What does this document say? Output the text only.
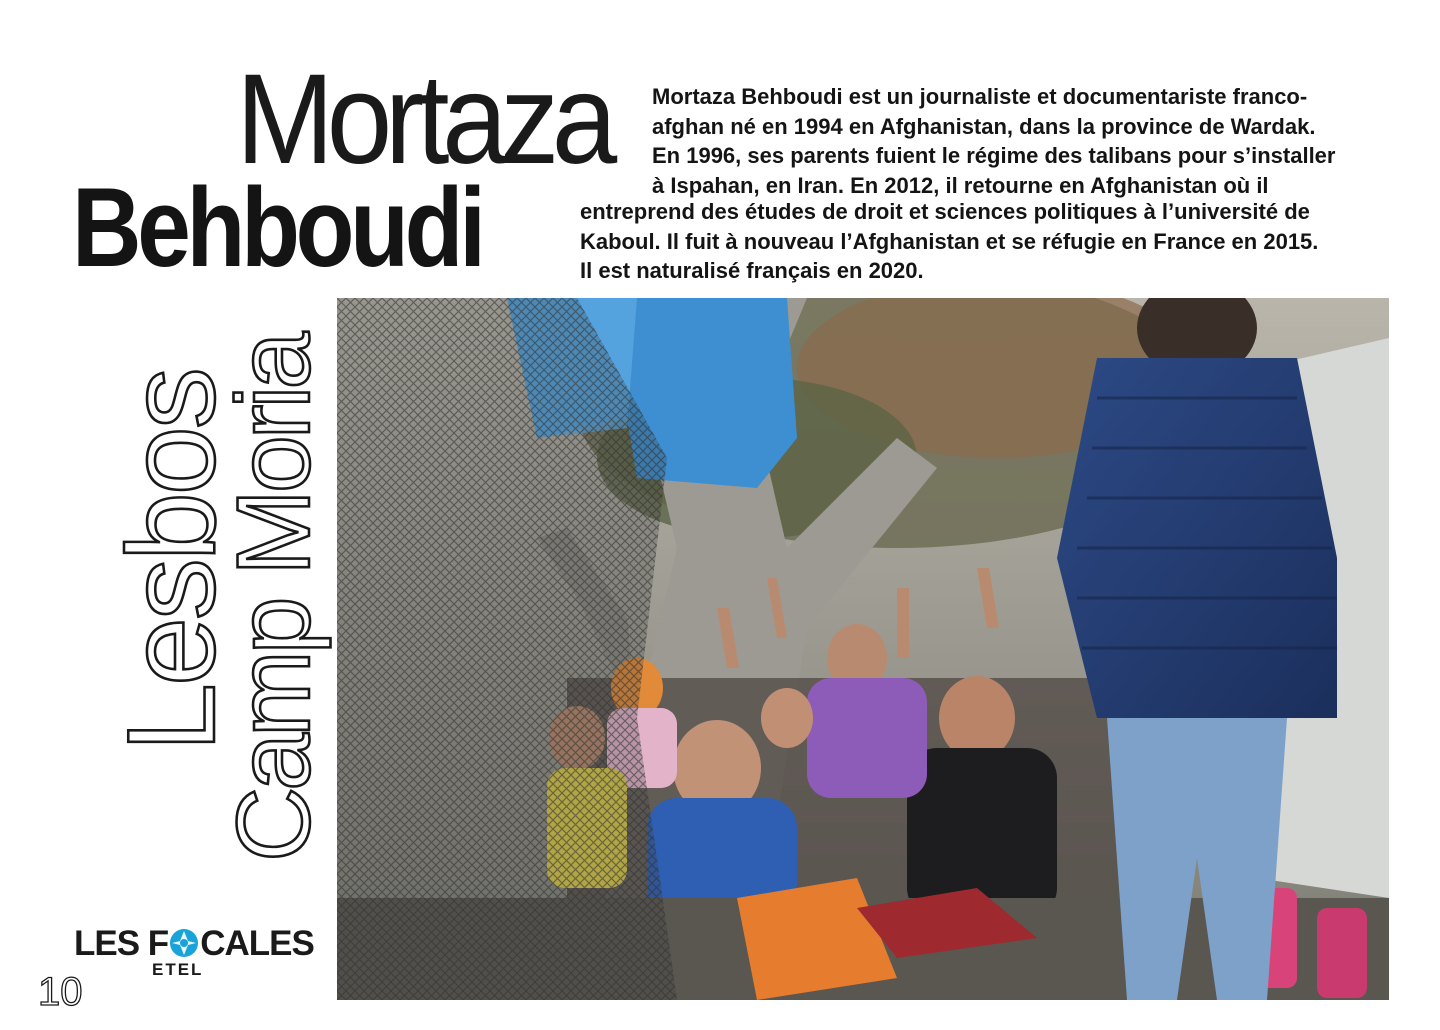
Mortaza
Behboudi

Mortaza Behboudi est un journaliste et documentariste franco-
afghan né en 1994 en Afghanistan, dans la province de Wardak.
En 1996, ses parents fuient le régime des talibans pour s’installer
à Ispahan, en Iran. En 2012, il retourne en Afghanistan où il

entreprend des études de droit et sciences politiques à l’université de
Kaboul. Il fuit à nouveau l’Afghanistan et se réfugie en France en 2015.
Il est naturalisé français en 2020.

Lesbos
Camp Moria
LES F CALES
ETEL
10
